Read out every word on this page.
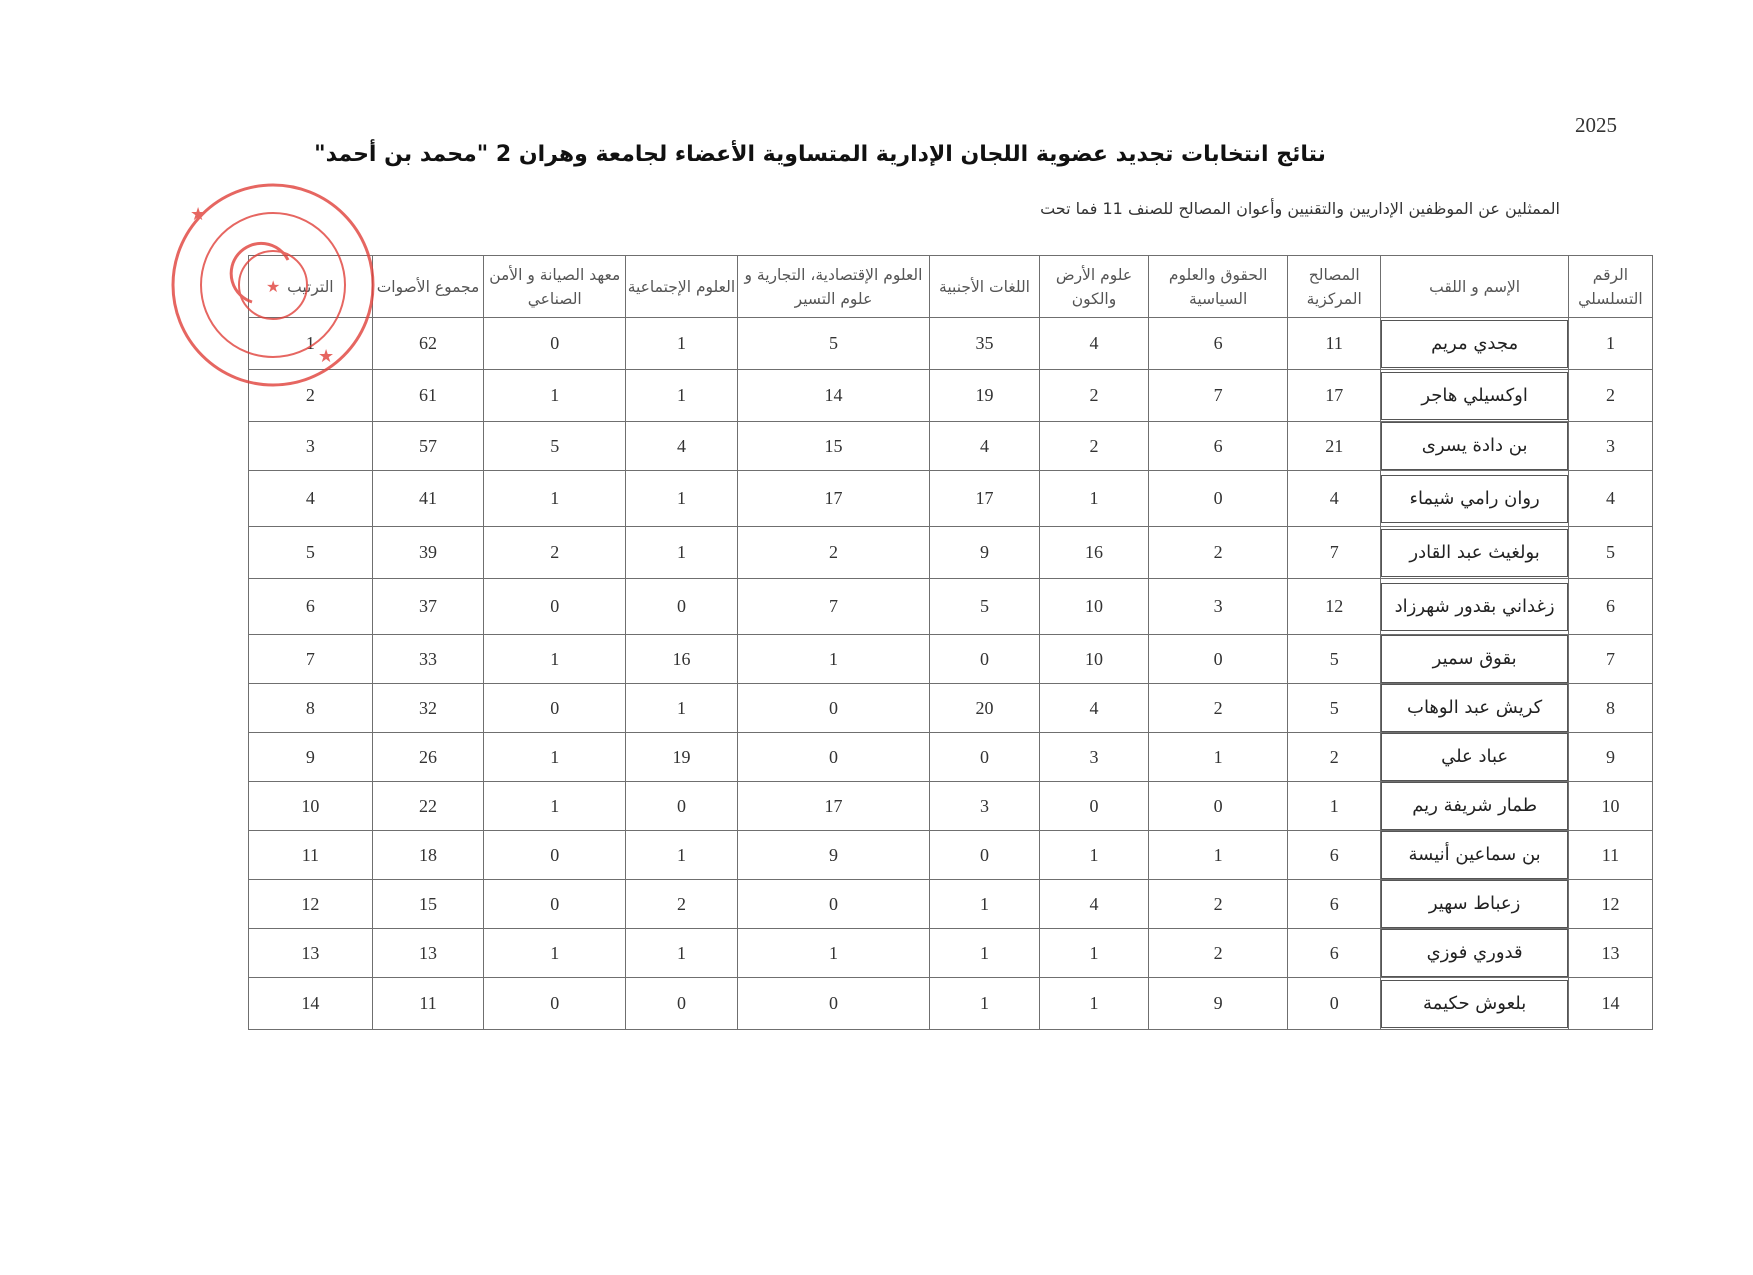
2025
نتائج انتخابات تجديد عضوية اللجان الإدارية المتساوية الأعضاء لجامعة وهران 2 "محمد بن أحمد"
الممثلين عن الموظفين الإداريين والتقنيين وأعوان المصالح للصنف 11 فما تحت
الرقم التسلسلي	الإسم و اللقب	المصالح المركزية	الحقوق والعلوم السياسية	علوم الأرض والكون	اللغات الأجنبية	العلوم الإقتصادية، التجارية و علوم التسير	العلوم الإجتماعية	معهد الصيانة و الأمن الصناعي	مجموع الأصوات	الترتيب
1	مجدي مريم	11	6	4	35	5	1	0	62	1
2	اوكسيلي هاجر	17	7	2	19	14	1	1	61	2
3	بن دادة يسرى	21	6	2	4	15	4	5	57	3
4	روان رامي شيماء	4	0	1	17	17	1	1	41	4
5	بولغيث عبد القادر	7	2	16	9	2	1	2	39	5
6	زغداني بقدور شهرزاد	12	3	10	5	7	0	0	37	6
7	بقوق سمير	5	0	10	0	1	16	1	33	7
8	كريش عبد الوهاب	5	2	4	20	0	1	0	32	8
9	عباد علي	2	1	3	0	0	19	1	26	9
10	طمار شريفة ريم	1	0	0	3	17	0	1	22	10
11	بن سماعين أنيسة	6	1	1	0	9	1	0	18	11
12	زعباط سهير	6	2	4	1	0	2	0	15	12
13	قدوري فوزي	6	2	1	1	1	1	1	13	13
14	بلعوش حكيمة	0	9	1	1	0	0	0	11	14
★
★
★
